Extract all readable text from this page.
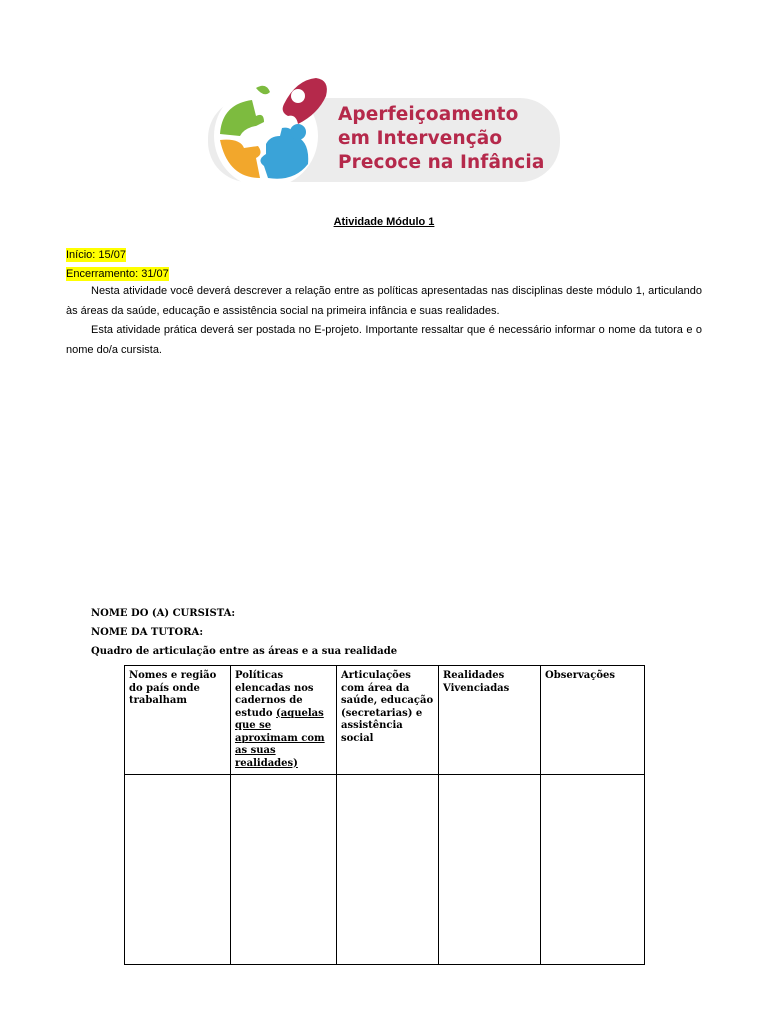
Aperfeiçoamento
em Intervenção
Precoce na Infância
Atividade Módulo 1
Início: 15/07
Encerramento: 31/07

Nesta atividade você deverá descrever a relação entre as políticas apresentadas nas disciplinas deste módulo 1, articulando às áreas da saúde, educação e assistência social na primeira infância e suas realidades.

Esta atividade prática deverá ser postada no E-projeto. Importante ressaltar que é necessário informar o nome da tutora e o nome do/a cursista.

NOME DO (A) CURSISTA:
NOME DA TUTORA:
Quadro de articulação entre as áreas e a sua realidade
Nomes e região do país onde trabalham	Políticas elencadas nos cadernos de estudo (aquelas que se aproximam com as suas realidades)	Articulações com área da saúde, educação (secretarias) e assistência social	Realidades Vivenciadas	Observações
